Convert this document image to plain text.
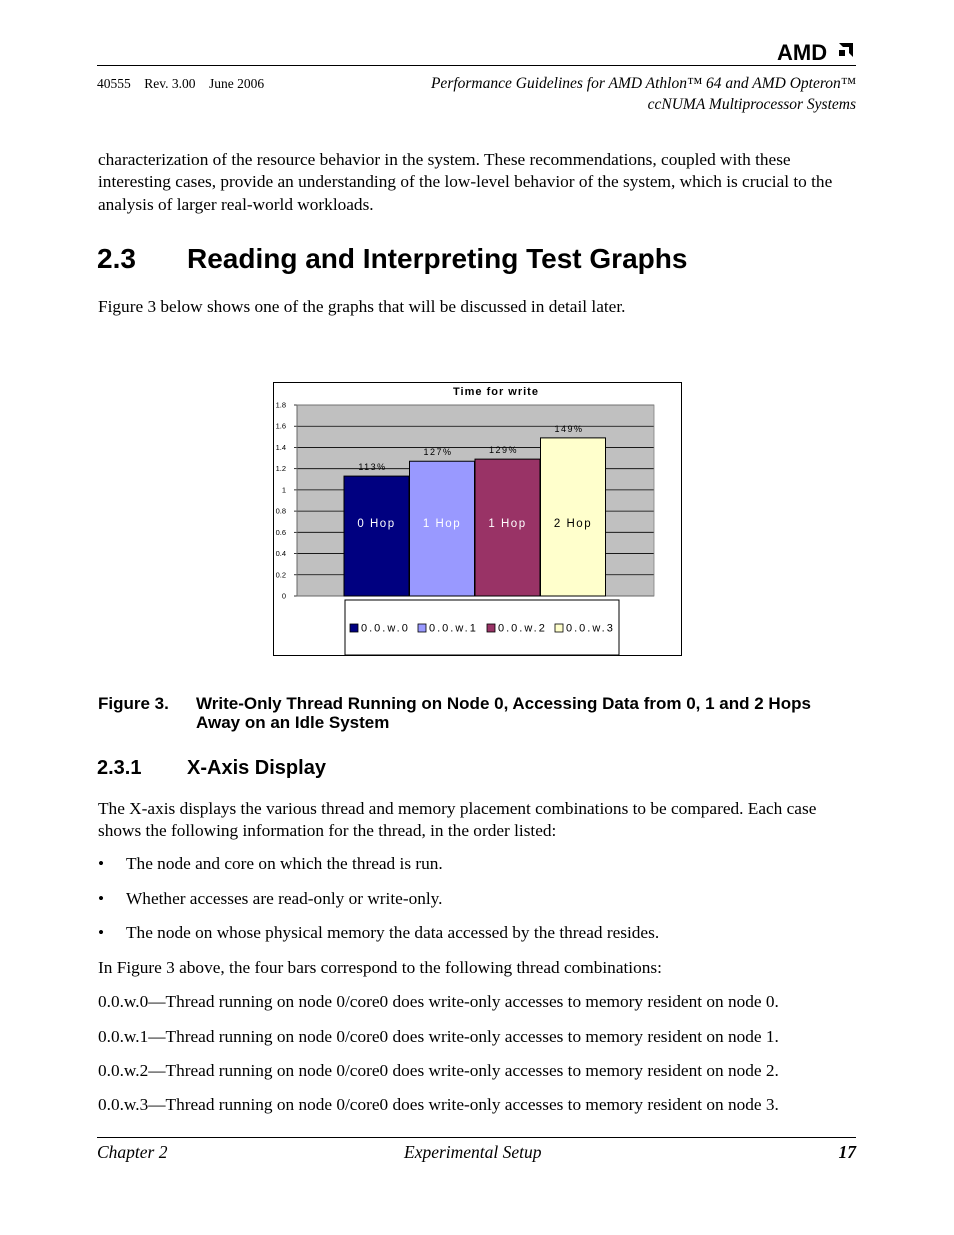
AMD
40555 Rev. 3.00 June 2006	Performance Guidelines for AMD Athlon™ 64 and AMD Opteron™
ccNUMA Multiprocessor Systems
characterization of the resource behavior in the system. These recommendations, coupled with these interesting cases, provide an understanding of the low-level behavior of the system, which is crucial to the analysis of larger real-world workloads.
2.3 Reading and Interpreting Test Graphs
Figure 3 below shows one of the graphs that will be discussed in detail later.
Time for write
0
0.2
0.4
0.6
0.8
1
1.2
1.4
1.6
1.8
113%
0 Hop
127%
1 Hop
129%
1 Hop
149%
2 Hop
0.0.w.0 0.0.w.1 0.0.w.2 0.0.w.3
Figure 3. Write-Only Thread Running on Node 0, Accessing Data from 0, 1 and 2 Hops Away on an Idle System
2.3.1 X-Axis Display
The X-axis displays the various thread and memory placement combinations to be compared. Each case shows the following information for the thread, in the order listed:
• The node and core on which the thread is run.
• Whether accesses are read-only or write-only.
• The node on whose physical memory the data accessed by the thread resides.
In Figure 3 above, the four bars correspond to the following thread combinations:
0.0.w.0—Thread running on node 0/core0 does write-only accesses to memory resident on node 0.
0.0.w.1—Thread running on node 0/core0 does write-only accesses to memory resident on node 1.
0.0.w.2—Thread running on node 0/core0 does write-only accesses to memory resident on node 2.
0.0.w.3—Thread running on node 0/core0 does write-only accesses to memory resident on node 3.
Chapter 2	Experimental Setup	17
